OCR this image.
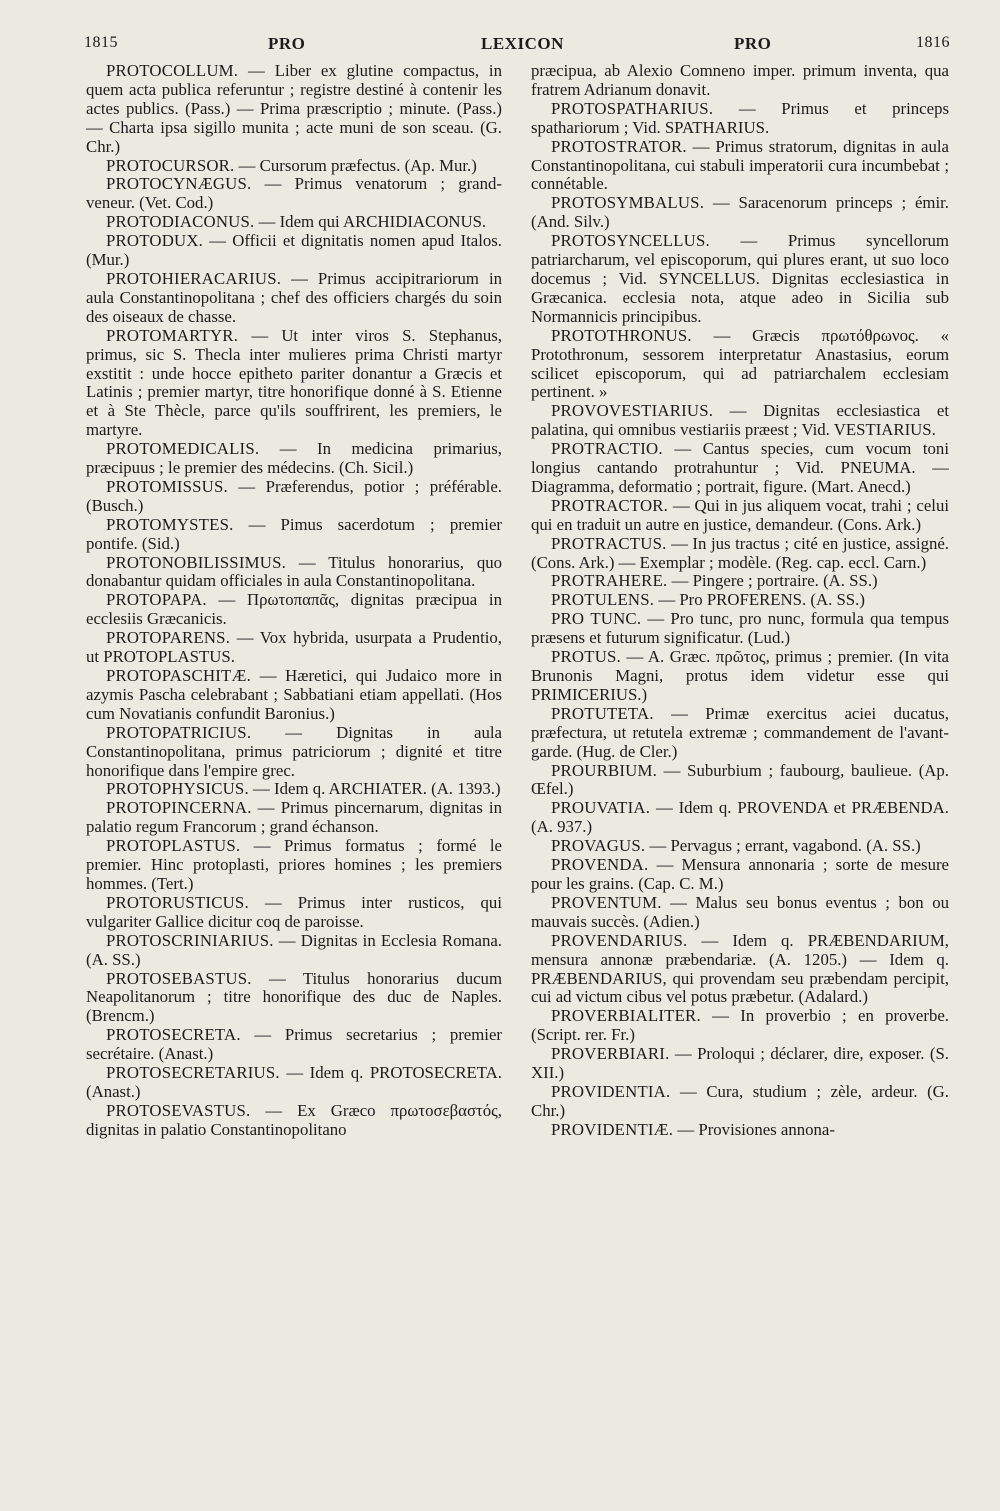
1815	PRO	LEXICON	PRO	1816

PROTOCOLLUM. — Liber ex glutine compactus, in quem acta publica referuntur ; registre destiné à contenir les actes publics. (Pass.) — Prima præscriptio ; minute. (Pass.) — Charta ipsa sigillo munita ; acte muni de son sceau. (G. Chr.)

PROTOCURSOR. — Cursorum præfectus. (Ap. Mur.)

PROTOCYNÆGUS. — Primus venatorum ; grand-veneur. (Vet. Cod.)

PROTODIACONUS. — Idem qui ARCHIDIACONUS.

PROTODUX. — Officii et dignitatis nomen apud Italos. (Mur.)

PROTOHIERACARIUS. — Primus accipitrariorum in aula Constantinopolitana ; chef des officiers chargés du soin des oiseaux de chasse.

PROTOMARTYR. — Ut inter viros S. Stephanus, primus, sic S. Thecla inter mulieres prima Christi martyr exstitit : unde hocce epitheto pariter donantur a Græcis et Latinis ; premier martyr, titre honorifique donné à S. Etienne et à Ste Thècle, parce qu'ils souffrirent, les premiers, le martyre.

PROTOMEDICALIS. — In medicina primarius, præcipuus ; le premier des médecins. (Ch. Sicil.)

PROTOMISSUS. — Præferendus, potior ; préférable. (Busch.)

PROTOMYSTES. — Pimus sacerdotum ; premier pontife. (Sid.)

PROTONOBILISSIMUS. — Titulus honorarius, quo donabantur quidam officiales in aula Constantinopolitana.

PROTOPAPA. — Πρωτοπαπᾶς, dignitas præcipua in ecclesiis Græcanicis.

PROTOPARENS. — Vox hybrida, usurpata a Prudentio, ut PROTOPLASTUS.

PROTOPASCHITÆ. — Hæretici, qui Judaico more in azymis Pascha celebrabant ; Sabbatiani etiam appellati. (Hos cum Novatianis confundit Baronius.)

PROTOPATRICIUS. — Dignitas in aula Constantinopolitana, primus patriciorum ; dignité et titre honorifique dans l'empire grec.

PROTOPHYSICUS. — Idem q. ARCHIATER. (A. 1393.)

PROTOPINCERNA. — Primus pincernarum, dignitas in palatio regum Francorum ; grand échanson.

PROTOPLASTUS. — Primus formatus ; formé le premier. Hinc protoplasti, priores homines ; les premiers hommes. (Tert.)

PROTORUSTICUS. — Primus inter rusticos, qui vulgariter Gallice dicitur coq de paroisse.

PROTOSCRINIARIUS. — Dignitas in Ecclesia Romana. (A. SS.)

PROTOSEBASTUS. — Titulus honorarius ducum Neapolitanorum ; titre honorifique des duc de Naples. (Brencm.)

PROTOSECRETA. — Primus secretarius ; premier secrétaire. (Anast.)

PROTOSECRETARIUS. — Idem q. PROTOSECRETA. (Anast.)

PROTOSEVASTUS. — Ex Græco πρωτοσεβαστός, dignitas in palatio Constantinopolitano

præcipua, ab Alexio Comneno imper. primum inventa, qua fratrem Adrianum donavit.

PROTOSPATHARIUS. — Primus et princeps spathariorum ; Vid. SPATHARIUS.

PROTOSTRATOR. — Primus stratorum, dignitas in aula Constantinopolitana, cui stabuli imperatorii cura incumbebat ; connétable.

PROTOSYMBALUS. — Saracenorum princeps ; émir. (And. Silv.)

PROTOSYNCELLUS. — Primus syncellorum patriarcharum, vel episcoporum, qui plures erant, ut suo loco docemus ; Vid. SYNCELLUS. Dignitas ecclesiastica in Græcanica. ecclesia nota, atque adeo in Sicilia sub Normannicis principibus.

PROTOTHRONUS. — Græcis πρωτόθρωνος. « Protothronum, sessorem interpretatur Anastasius, eorum scilicet episcoporum, qui ad patriarchalem ecclesiam pertinent. »

PROVOVESTIARIUS. — Dignitas ecclesiastica et palatina, qui omnibus vestiariis præest ; Vid. VESTIARIUS.

PROTRACTIO. — Cantus species, cum vocum toni longius cantando protrahuntur ; Vid. PNEUMA. — Diagramma, deformatio ; portrait, figure. (Mart. Anecd.)

PROTRACTOR. — Qui in jus aliquem vocat, trahi ; celui qui en traduit un autre en justice, demandeur. (Cons. Ark.)

PROTRACTUS. — In jus tractus ; cité en justice, assigné. (Cons. Ark.) — Exemplar ; modèle. (Reg. cap. eccl. Carn.)

PROTRAHERE. — Pingere ; portraire. (A. SS.)

PROTULENS. — Pro PROFERENS. (A. SS.)

PRO TUNC. — Pro tunc, pro nunc, formula qua tempus præsens et futurum significatur. (Lud.)

PROTUS. — A. Græc. πρῶτος, primus ; premier. (In vita Brunonis Magni, protus idem videtur esse qui PRIMICERIUS.)

PROTUTETA. — Primæ exercitus aciei ducatus, præfectura, ut retutela extremæ ; commandement de l'avant-garde. (Hug. de Cler.)

PROURBIUM. — Suburbium ; faubourg, baulieue. (Ap. Œfel.)

PROUVATIA. — Idem q. PROVENDA et PRÆBENDA. (A. 937.)

PROVAGUS. — Pervagus ; errant, vagabond. (A. SS.)

PROVENDA. — Mensura annonaria ; sorte de mesure pour les grains. (Cap. C. M.)

PROVENTUM. — Malus seu bonus eventus ; bon ou mauvais succès. (Adien.)

PROVENDARIUS. — Idem q. PRÆBENDARIUM, mensura annonæ præbendariæ. (A. 1205.) — Idem q. PRÆBENDARIUS, qui provendam seu præbendam percipit, cui ad victum cibus vel potus præbetur. (Adalard.)

PROVERBIALITER. — In proverbio ; en proverbe. (Script. rer. Fr.)

PROVERBIARI. — Proloqui ; déclarer, dire, exposer. (S. XII.)

PROVIDENTIA. — Cura, studium ; zèle, ardeur. (G. Chr.)

PROVIDENTIÆ. — Provisiones annona-
